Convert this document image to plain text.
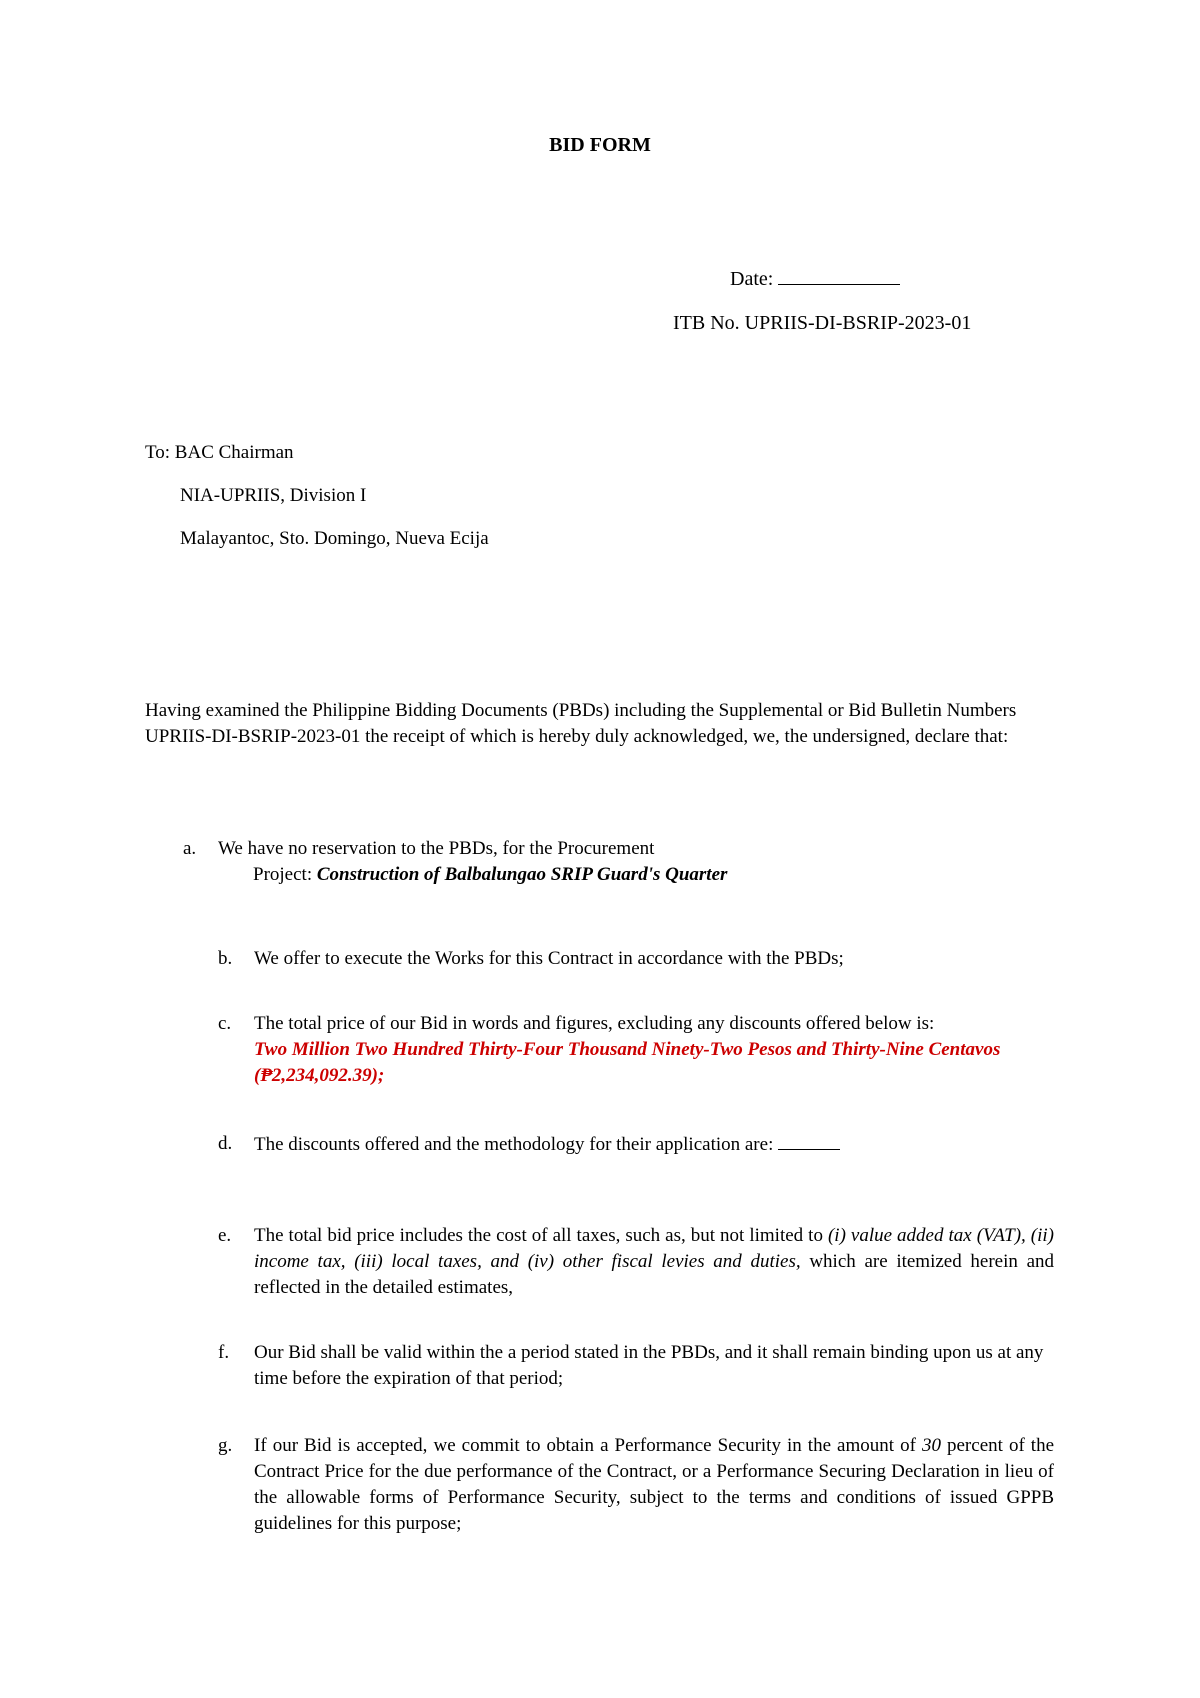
BID FORM
Date:
ITB No. UPRIIS-DI-BSRIP-2023-01
To: BAC Chairman
NIA-UPRIIS, Division I
Malayantoc, Sto. Domingo, Nueva Ecija
Having examined the Philippine Bidding Documents (PBDs) including the Supplemental or Bid Bulletin Numbers UPRIIS-DI-BSRIP-2023-01 the receipt of which is hereby duly acknowledged, we, the undersigned, declare that:
a. We have no reservation to the PBDs, for the Procurement
Project: Construction of Balbalungao SRIP Guard's Quarter
b. We offer to execute the Works for this Contract in accordance with the PBDs;
c. The total price of our Bid in words and figures, excluding any discounts offered below is:
Two Million Two Hundred Thirty-Four Thousand Ninety-Two Pesos and Thirty-Nine Centavos (₱2,234,092.39);
d. The discounts offered and the methodology for their application are:
e. The total bid price includes the cost of all taxes, such as, but not limited to (i) value added tax (VAT), (ii) income tax, (iii) local taxes, and (iv) other fiscal levies and duties, which are itemized herein and reflected in the detailed estimates,
f. Our Bid shall be valid within the a period stated in the PBDs, and it shall remain binding upon us at any time before the expiration of that period;
g. If our Bid is accepted, we commit to obtain a Performance Security in the amount of 30 percent of the Contract Price for the due performance of the Contract, or a Performance Securing Declaration in lieu of the allowable forms of Performance Security, subject to the terms and conditions of issued GPPB guidelines for this purpose;
